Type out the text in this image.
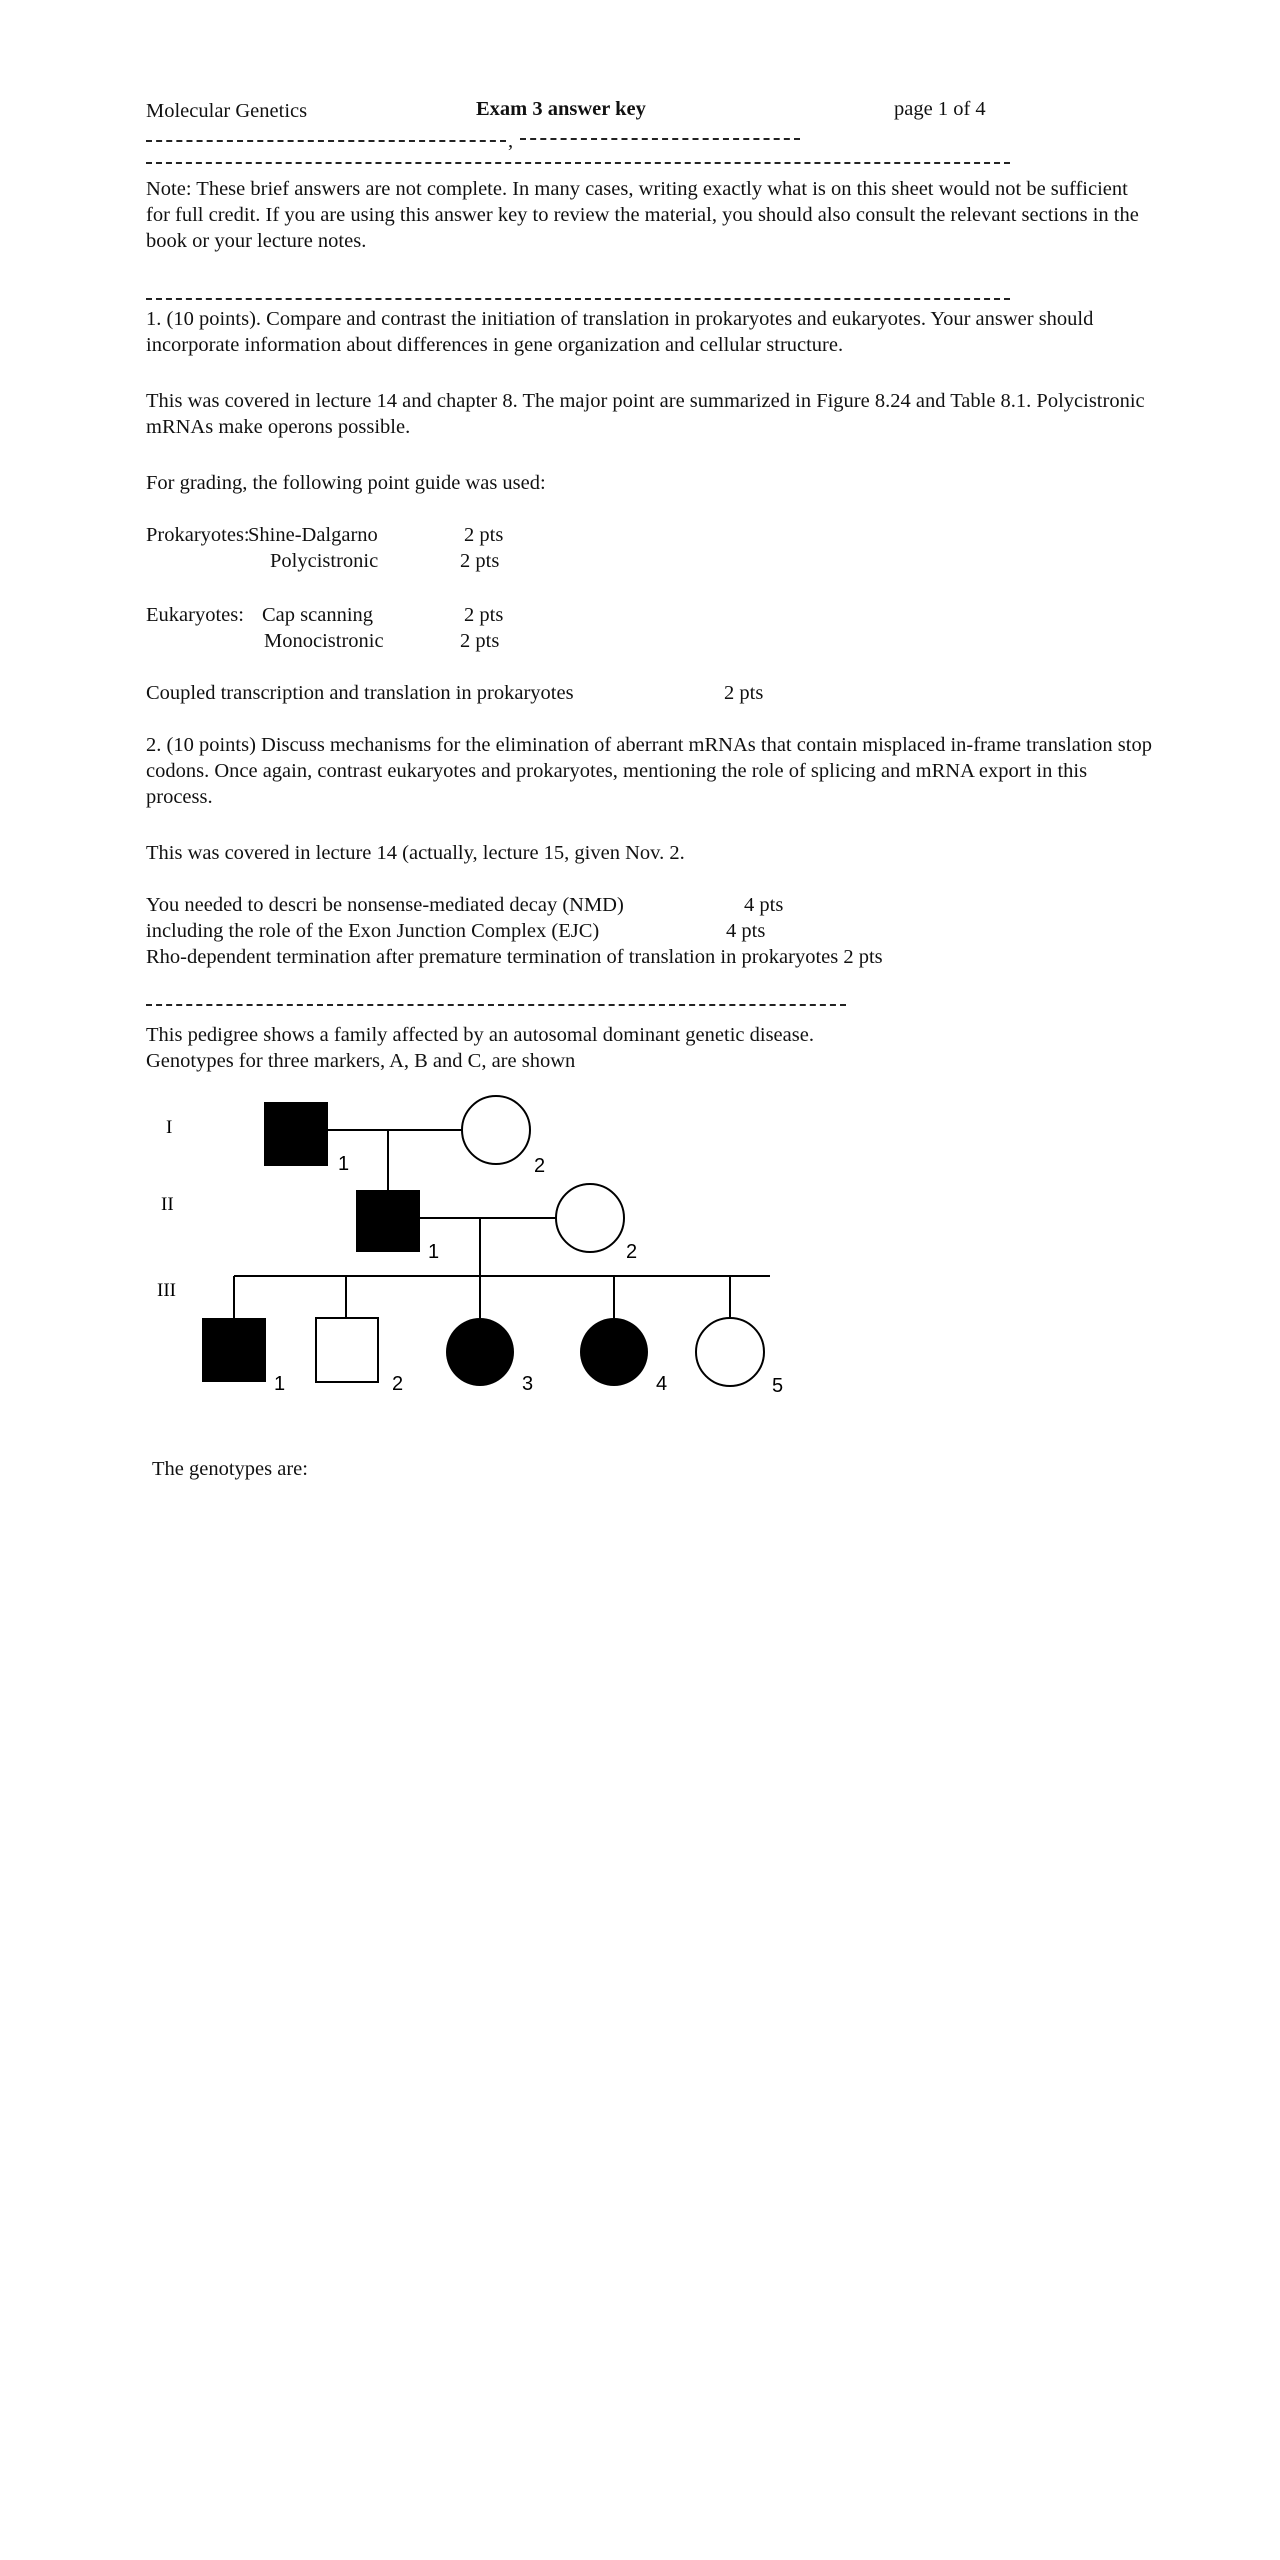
Molecular Genetics	Exam 3 answer key	page 1 of 4
,
Note: These brief answers are not complete. In many cases, writing exactly what is on this sheet would not be sufficient for full credit. If you are using this answer key to review the material, you should also consult the relevant sections in the book or your lecture notes.
1. (10 points). Compare and contrast the initiation of translation in prokaryotes and eukaryotes. Your answer should incorporate information about differences in gene organization and cellular structure.
This was covered in lecture 14 and chapter 8. The major point are summarized in Figure 8.24 and Table 8.1. Polycistronic mRNAs make operons possible.
For grading, the following point guide was used:
Prokaryotes:
Shine-Dalgarno	2 pts
Polycistronic	2 pts
Eukaryotes: Cap scanning	2 pts
Monocistronic	2 pts
Coupled transcription and translation in prokaryotes	2 pts
2. (10 points) Discuss mechanisms for the elimination of aberrant mRNAs that contain misplaced in-frame translation stop codons. Once again, contrast eukaryotes and prokaryotes, mentioning the role of splicing and mRNA export in this process.
This was covered in lecture 14 (actually, lecture 15, given Nov. 2.
You needed to descri be nonsense-mediated decay (NMD)	4 pts
including the role of the Exon Junction Complex (EJC)	4 pts
Rho-dependent termination after premature termination of translation in prokaryotes 2 pts
This pedigree shows a family affected by an autosomal dominant genetic disease.
Genotypes for three markers, A, B and C, are shown
I
II
III
1	2
1	2
1	2	3	4	5
The genotypes are:
